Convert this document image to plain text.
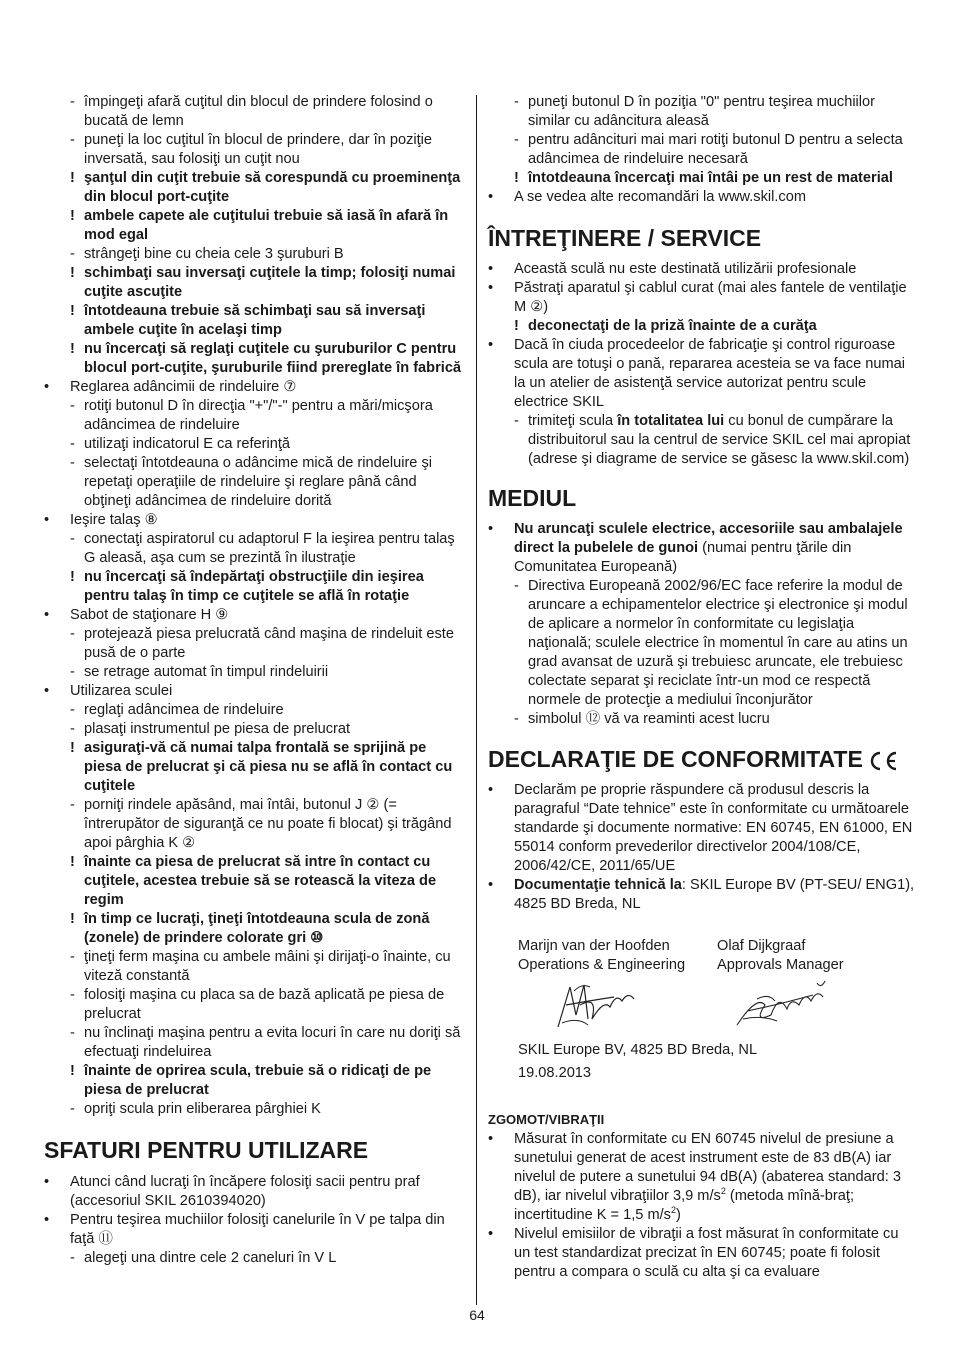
- împingeţi afară cuţitul din blocul de prindere folosind o bucată de lemn
- puneţi la loc cuţitul în blocul de prindere, dar în poziţie inversată, sau folosiţi un cuţit nou
! şanţul din cuţit trebuie să corespundă cu proeminenţa din blocul port-cuţite
! ambele capete ale cuţitului trebuie să iasă în afară în mod egal
- strângeţi bine cu cheia cele 3 şuruburi B
! schimbaţi sau inversaţi cuţitele la timp; folosiţi numai cuţite ascuţite
! întotdeauna trebuie să schimbaţi sau să inversaţi ambele cuţite în acelaşi timp
! nu încercaţi să reglaţi cuţitele cu şuruburilor C pentru blocul port-cuţite, şuruburile fiind prereglate în fabrică
• Reglarea adâncimii de rindeluire ⑦
- rotiţi butonul D în direcţia "+"/"-" pentru a mări/micşora adâncimea de rindeluire
- utilizaţi indicatorul E ca referinţă
- selectaţi întotdeauna o adâncime mică de rindeluire şi repetaţi operaţiile de rindeluire şi reglare până când obţineţi adâncimea de rindeluire dorită
• Ieşire talaş ⑧
- conectaţi aspiratorul cu adaptorul F la ieşirea pentru talaş G aleasă, aşa cum se prezintă în ilustraţie
! nu încercaţi să îndepărtaţi obstrucţiile din ieşirea pentru talaş în timp ce cuţitele se află în rotaţie
• Sabot de staţionare H ⑨
- protejează piesa prelucrată când maşina de rindeluit este pusă de o parte
- se retrage automat în timpul rindeluirii
• Utilizarea sculei
- reglaţi adâncimea de rindeluire
- plasaţi instrumentul pe piesa de prelucrat
! asiguraţi-vă că numai talpa frontală se sprijină pe piesa de prelucrat şi că piesa nu se află în contact cu cuţitele
- porniţi rindele apăsând, mai întâi, butonul J ② (= întrerupător de siguranţă ce nu poate fi blocat) şi trăgând apoi pârghia K ②
! înainte ca piesa de prelucrat să intre în contact cu cuţitele, acestea trebuie să se rotească la viteza de regim
! în timp ce lucraţi, ţineţi întotdeauna scula de zonă (zonele) de prindere colorate gri ⑩
- ţineţi ferm maşina cu ambele mâini şi dirijaţi-o înainte, cu viteză constantă
- folosiţi maşina cu placa sa de bază aplicată pe piesa de prelucrat
- nu înclinaţi maşina pentru a evita locuri în care nu doriţi să efectuaţi rindeluirea
! înainte de oprirea scula, trebuie să o ridicaţi de pe piesa de prelucrat
- opriţi scula prin eliberarea pârghiei K
SFATURI PENTRU UTILIZARE
• Atunci când lucraţi în încăpere folosiţi sacii pentru praf (accesoriul SKIL 2610394020)
• Pentru teşirea muchiilor folosiţi canelurile în V pe talpa din faţă ⑪
- alegeţi una dintre cele 2 caneluri în V L
- puneţi butonul D în poziţia "0" pentru teşirea muchiilor similar cu adâncitura aleasă
- pentru adâncituri mai mari rotiţi butonul D pentru a selecta adâncimea de rindeluire necesară
! întotdeauna încercaţi mai întâi pe un rest de material
• A se vedea alte recomandări la www.skil.com
ÎNTREŢINERE / SERVICE
• Această sculă nu este destinată utilizării profesionale
• Păstraţi aparatul şi cablul curat (mai ales fantele de ventilaţie M ②)
! deconectaţi de la priză înainte de a curăţa
• Dacă în ciuda procedeelor de fabricaţie şi control riguroase scula are totuşi o pană, repararea acesteia se va face numai la un atelier de asistenţă service autorizat pentru scule electrice SKIL
- trimiteţi scula în totalitatea lui cu bonul de cumpărare la distribuitorul sau la centrul de service SKIL cel mai apropiat (adrese şi diagrame de service se găsesc la www.skil.com)
MEDIUL
• Nu aruncaţi sculele electrice, accesoriile sau ambalajele direct la pubelele de gunoi (numai pentru ţările din Comunitatea Europeană)
- Directiva Europeană 2002/96/EC face referire la modul de aruncare a echipamentelor electrice şi electronice şi modul de aplicare a normelor în conformitate cu legislaţia naţională; sculele electrice în momentul în care au atins un grad avansat de uzură şi trebuiesc aruncate, ele trebuiesc colectate separat şi reciclate într-un mod ce respectă normele de protecţie a mediului înconjurător
- simbolul ⑫ vă va reaminti acest lucru
DECLARAŢIE DE CONFORMITATE
• Declarăm pe proprie răspundere că produsul descris la paragraful “Date tehnice” este în conformitate cu următoarele standarde şi documente normative: EN 60745, EN 61000, EN 55014 conform prevederilor directivelor 2004/108/CE, 2006/42/CE, 2011/65/UE
• Documentaţie tehnică la: SKIL Europe BV (PT-SEU/ ENG1), 4825 BD Breda, NL
Marijn van der Hoofden
Operations & Engineering
Olaf Dijkgraaf
Approvals Manager
SKIL Europe BV, 4825 BD Breda, NL
19.08.2013
ZGOMOT/VIBRAŢII
• Măsurat în conformitate cu EN 60745 nivelul de presiune a sunetului generat de acest instrument este de 83 dB(A) iar nivelul de putere a sunetului 94 dB(A) (abaterea standard: 3 dB), iar nivelul vibraţiilor 3,9 $m/s^2$ (metoda mînă-braţ; incertitudine K = 1,5 $m/s^2$)
• Nivelul emisiilor de vibraţii a fost măsurat în conformitate cu un test standardizat precizat în EN 60745; poate fi folosit pentru a compara o sculă cu alta şi ca evaluare
64
